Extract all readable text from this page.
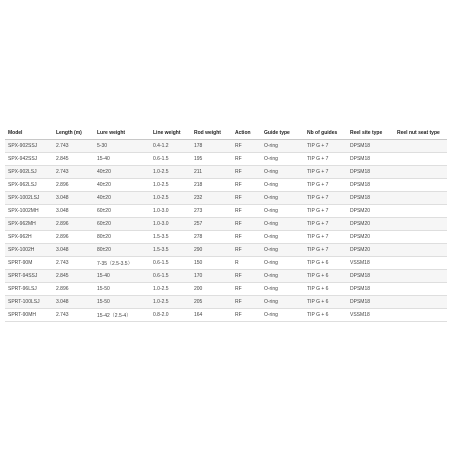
Model	Length (m)	Lure weight	Line weight	Rod weight	Action	Guide type	Nb of guides	Reel site type	Reel nut seat type
SPX-902SSJ	2.743	5-30	0.4-1.2	178	RF	O-ring	TIP G + 7	DPSM18	
SPX-942SSJ	2.845	15-40	0.6-1.5	195	RF	O-ring	TIP G + 7	DPSM18	
SPX-902LSJ	2.743	40±20	1.0-2.5	211	RF	O-ring	TIP G + 7	DPSM18	
SPX-962LSJ	2.896	40±20	1.0-2.5	218	RF	O-ring	TIP G + 7	DPSM18	
SPX-1002LSJ	3.048	40±20	1.0-2.5	232	RF	O-ring	TIP G + 7	DPSM18	
SPX-1002MH	3.048	60±20	1.0-3.0	273	RF	O-ring	TIP G + 7	DPSM20	
SPX-962MH	2.896	60±20	1.0-3.0	257	RF	O-ring	TIP G + 7	DPSM20	
SPX-962H	2.896	80±20	1.5-3.5	278	RF	O-ring	TIP G + 7	DPSM20	
SPX-1002H	3.048	80±20	1.5-3.5	290	RF	O-ring	TIP G + 7	DPSM20	
SPRT-90M	2.743	7-35（2.5-3.5）	0.6-1.5	150	R	O-ring	TIP G + 6	VSSM18	
SPRT-94SSJ	2.845	15-40	0.6-1.5	170	RF	O-ring	TIP G + 6	DPSM18	
SPRT-96LSJ	2.896	15-50	1.0-2.5	200	RF	O-ring	TIP G + 6	DPSM18	
SPRT-100LSJ	3.048	15-50	1.0-2.5	205	RF	O-ring	TIP G + 6	DPSM18	
SPRT-90MH	2.743	15-42（2.5-4）	0.8-2.0	164	RF	O-ring	TIP G + 6	VSSM18	
